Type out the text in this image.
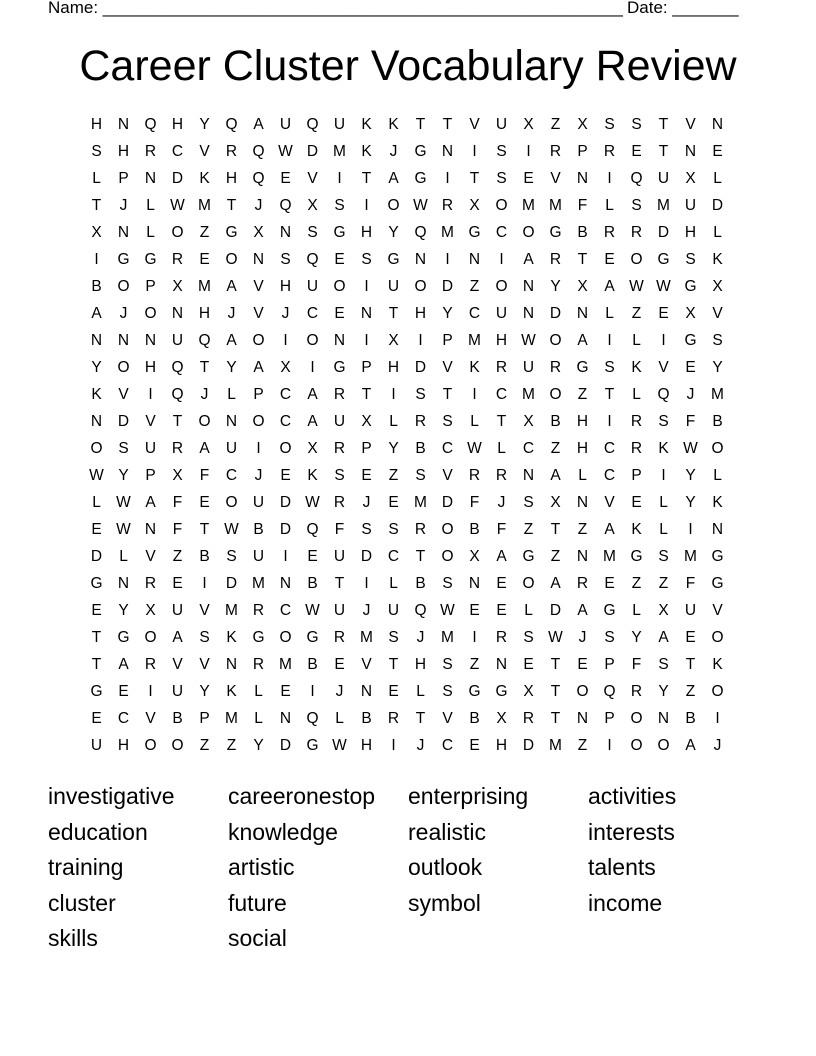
Name: _______________________________________________________ Date: _______
Career Cluster Vocabulary Review
H	N Q H	Y	Q	A	U Q U	K	K	T	T	V	U	X	Z	X	S	S	T	V	N
S	H	R	C	V	R Q W D M K	J	G N	I	S	I	R	P	R	E	T	N	E
L	P	N	D	K	H Q	E	V	I	T	A	G	I	T	S	E	V	N	I	Q U	X	L
T	J	L W M	T	J	Q	X	S	I	O W R	X	O M M	F	L	S M U	D
X	N	L	O	Z	G	X	N	S	G H	Y	Q M G C O G	B	R	R	D	H	L
I	G G R	E	O N	S	Q	E	S	G N	I	N	I	A	R	T	E	O G	S	K
B	O	P	X M A	V	H	U O	I	U O D	Z	O N	Y	X	A W W G	X
A	J	O N	H	J	V	J	C	E	N	T	H	Y	C	U	N	D	N	L	Z	E	X	V
N	N	N	U Q	A	O	I	O N	I	X	I	P M H W O	A	I	L	I	G	S
Y	O H Q	T	Y	A	X	I	G	P	H	D	V	K	R	U	R G	S	K	V	E	Y
K	V	I	Q	J	L	P	C	A	R	T	I	S	T	I	C M O	Z	T	L	Q	J	M
N	D	V	T	O N O C	A	U	X	L	R	S	L	T	X	B	H	I	R	S	F	B
O	S	U	R	A	U	I	O	X	R	P	Y	B	C W L	C	Z	H	C	R	K W O
W Y	P	X	F	C	J	E	K	S	E	Z	S	V	R	R	N	A	L	C	P	I	Y	L
L W A	F	E	O U	D W R	J	E M D	F	J	S	X	N	V	E	L	Y	K
E W N	F	T W B	D Q	F	S	S	R O	B	F	Z	T	Z	A	K	L	I	N
D	L	V	Z	B	S	U	I	E	U	D	C	T	O	X	A	G	Z	N M G	S M G
G N	R	E	I	D M N	B	T	I	L	B	S	N	E	O	A	R	E	Z	Z	F	G
E	Y	X	U	V M R	C W U	J	U Q W E	E	L	D	A	G	L	X	U	V
T	G O	A	S	K	G O G R M S	J	M	I	R	S W	J	S	Y	A	E	O
T	A	R	V	V	N	R M B	E	V	T	H	S	Z	N	E	T	E	P	F	S	T	K
G	E	I	U	Y	K	L	E	I	J	N	E	L	S	G G	X	T	O Q R	Y	Z	O
E	C	V	B	P M	L	N Q	L	B	R	T	V	B	X	R	T	N	P	O N	B	I
U	H O O	Z	Z	Y	D G W H	I	J	C	E	H	D M	Z	I	O O	A	J
investigative	careeronestop	enterprising	activities
education	knowledge	realistic	interests
training	artistic	outlook	talents
cluster	future	symbol	income
skills	social
